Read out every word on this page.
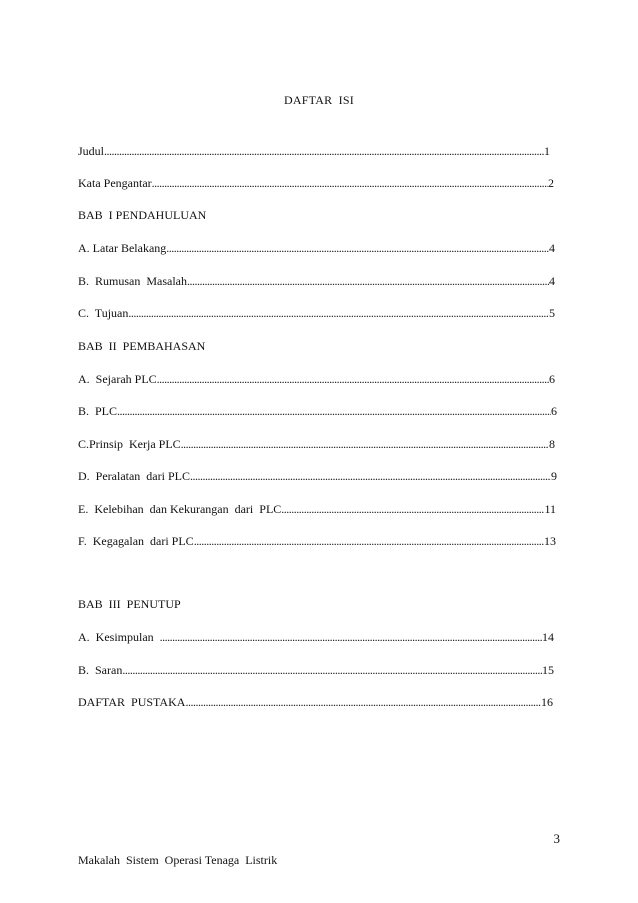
DAFTAR  ISI
Judul .....	1
Kata Pengantar .....	2
BAB  I PENDAHULUAN
A. Latar Belakang .....	4
B.  Rumusan  Masalah .....	4
C.  Tujuan .....	5
BAB  II  PEMBAHASAN
A.  Sejarah PLC .....	6
B.  PLC .....	6
C.Prinsip  Kerja PLC .....	8
D.  Peralatan  dari PLC .....	9
E.  Kelebihan  dan Kekurangan  dari  PLC .....	11
F.  Kegagalan  dari PLC .....	13
BAB  III  PENUTUP
A.  Kesimpulan .....	14
B.  Saran .....	15
DAFTAR  PUSTAKA .....	16
3
Makalah  Sistem  Operasi Tenaga  Listrik
